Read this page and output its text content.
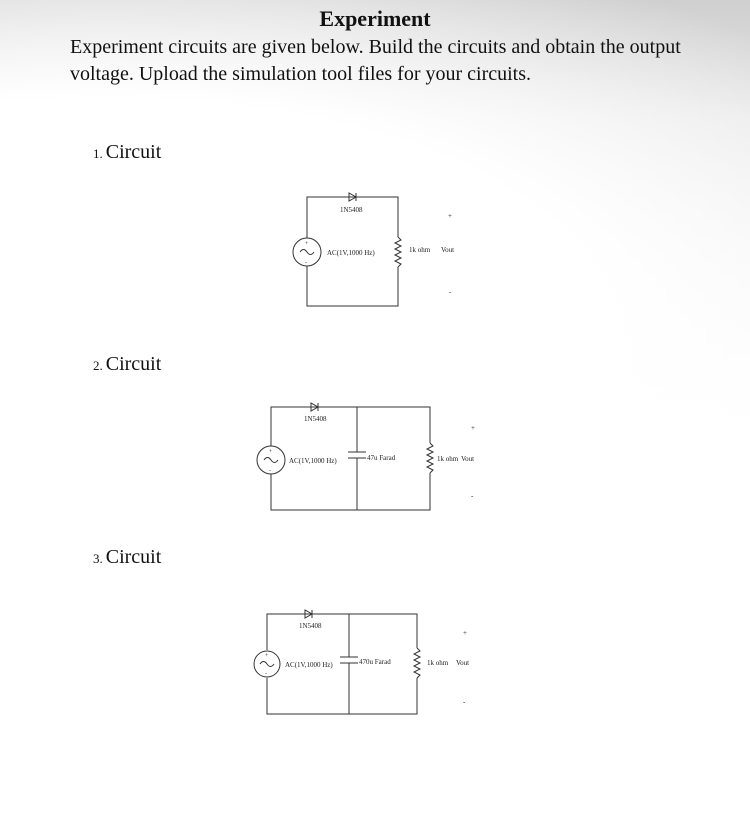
Experiment
Experiment circuits are given below. Build the circuits and obtain the output voltage. Upload the simulation tool files for your circuits.
1. Circuit
1N5408
+
-
AC(1V,1000 Hz)	1k ohm Vout
+
-
2. Circuit
1N5408
+
-
AC(1V,1000 Hz)	47u Farad	1k ohm Vout
+
-
3. Circuit
1N5408
+
-
AC(1V,1000 Hz)	470u Farad	1k ohm Vout
+
-
